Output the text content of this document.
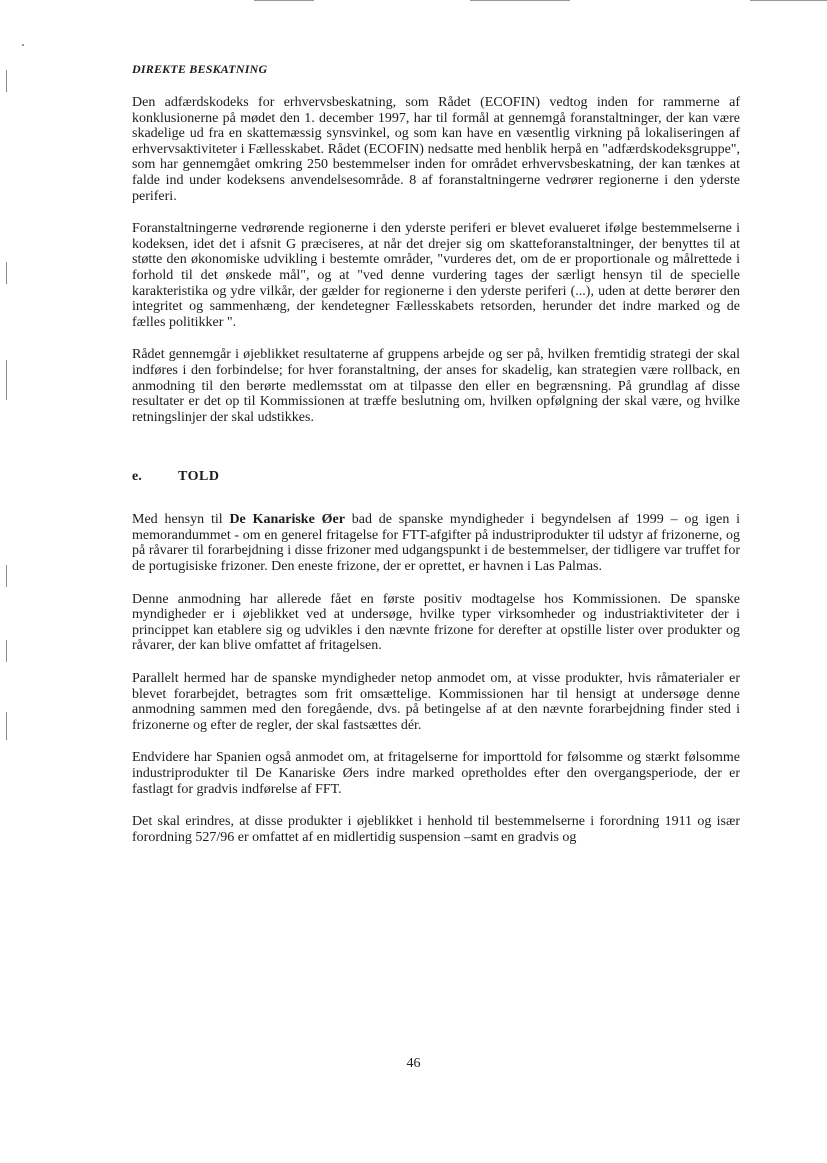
DIREKTE BESKATNING

Den adfærdskodeks for erhvervsbeskatning, som Rådet (ECOFIN) vedtog inden for rammerne af konklusionerne på mødet den 1. december 1997, har til formål at gennemgå foranstaltninger, der kan være skadelige ud fra en skattemæssig synsvinkel, og som kan have en væsentlig virkning på lokaliseringen af erhvervsaktiviteter i Fællesskabet. Rådet (ECOFIN) nedsatte med henblik herpå en "adfærdskodeksgruppe", som har gennemgået omkring 250 bestemmelser inden for området erhvervsbeskatning, der kan tænkes at falde ind under kodeksens anvendelsesområde. 8 af foranstaltningerne vedrører regionerne i den yderste periferi.

Foranstaltningerne vedrørende regionerne i den yderste periferi er blevet evalueret ifølge bestemmelserne i kodeksen, idet det i afsnit G præciseres, at når det drejer sig om skatteforanstaltninger, der benyttes til at støtte den økonomiske udvikling i bestemte områder, "vurderes det, om de er proportionale og målrettede i forhold til det ønskede mål", og at "ved denne vurdering tages der særligt hensyn til de specielle karakteristika og ydre vilkår, der gælder for regionerne i den yderste periferi (...), uden at dette berører den integritet og sammenhæng, der kendetegner Fællesskabets retsorden, herunder det indre marked og de fælles politikker ".

Rådet gennemgår i øjeblikket resultaterne af gruppens arbejde og ser på, hvilken fremtidig strategi der skal indføres i den forbindelse; for hver foranstaltning, der anses for skadelig, kan strategien være rollback, en anmodning til den berørte medlemsstat om at tilpasse den eller en begrænsning. På grundlag af disse resultater er det op til Kommissionen at træffe beslutning om, hvilken opfølgning der skal være, og hvilke retningslinjer der skal udstikkes.

e.	TOLD

Med hensyn til De Kanariske Øer bad de spanske myndigheder i begyndelsen af 1999 – og igen i memorandummet - om en generel fritagelse for FTT-afgifter på industriprodukter til udstyr af frizonerne, og på råvarer til forarbejdning i disse frizoner med udgangspunkt i de bestemmelser, der tidligere var truffet for de portugisiske frizoner. Den eneste frizone, der er oprettet, er havnen i Las Palmas.

Denne anmodning har allerede fået en første positiv modtagelse hos Kommissionen. De spanske myndigheder er i øjeblikket ved at undersøge, hvilke typer virksomheder og industriaktiviteter der i princippet kan etablere sig og udvikles i den nævnte frizone for derefter at opstille lister over produkter og råvarer, der kan blive omfattet af fritagelsen.

Parallelt hermed har de spanske myndigheder netop anmodet om, at visse produkter, hvis råmaterialer er blevet forarbejdet, betragtes som frit omsættelige. Kommissionen har til hensigt at undersøge denne anmodning sammen med den foregående, dvs. på betingelse af at den nævnte forarbejdning finder sted i frizonerne og efter de regler, der skal fastsættes dér.

Endvidere har Spanien også anmodet om, at fritagelserne for importtold for følsomme og stærkt følsomme industriprodukter til De Kanariske Øers indre marked opretholdes efter den overgangsperiode, der er fastlagt for gradvis indførelse af FFT.

Det skal erindres, at disse produkter i øjeblikket i henhold til bestemmelserne i forordning 1911 og især forordning 527/96 er omfattet af en midlertidig suspension –samt en gradvis og

46
